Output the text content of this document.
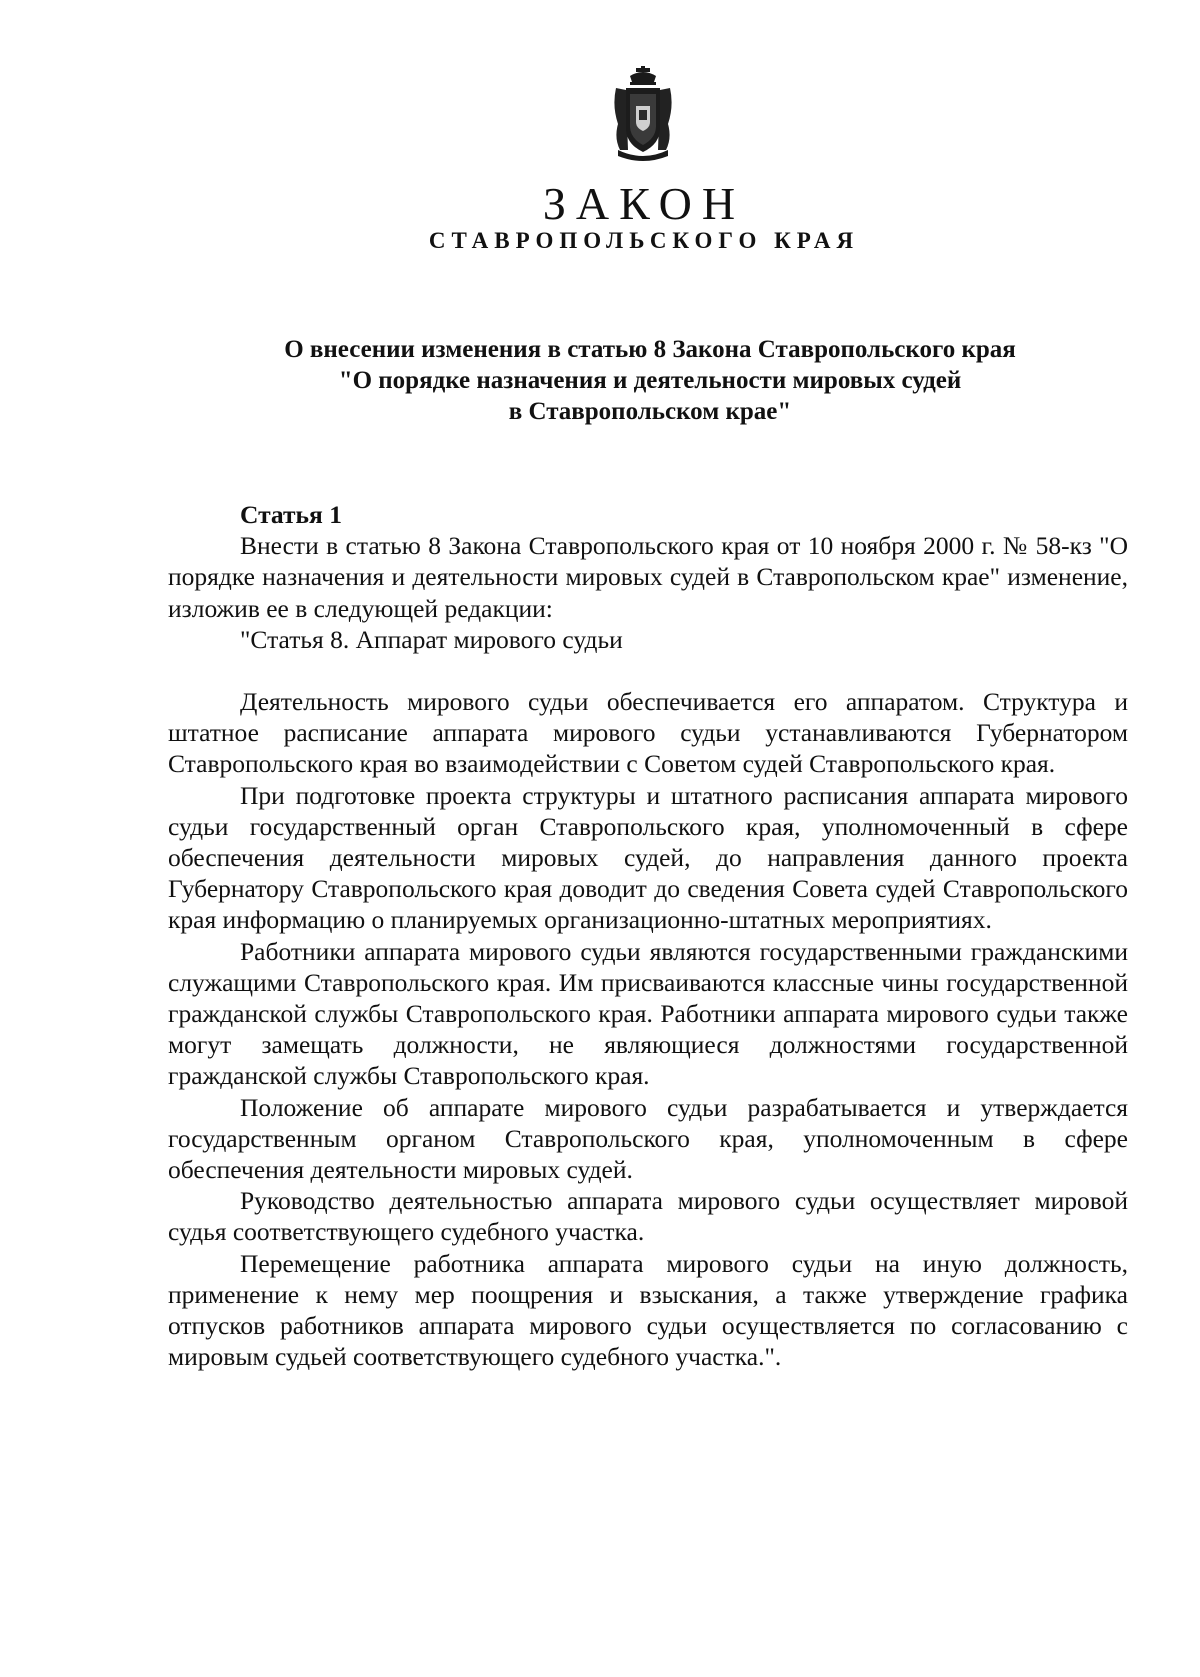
ЗАКОН
СТАВРОПОЛЬСКОГО КРАЯ
О внесении изменения в статью 8 Закона Ставропольского края
"О порядке назначения и деятельности мировых судей
в Ставропольском крае"
Статья 1

Внести в статью 8 Закона Ставропольского края от 10 ноября 2000 г. № 58-кз "О порядке назначения и деятельности мировых судей в Ставропольском крае" изменение, изложив ее в следующей редакции:

"Статья 8. Аппарат мирового судьи

Деятельность мирового судьи обеспечивается его аппаратом. Структура и штатное расписание аппарата мирового судьи устанавливаются Губернатором Ставропольского края во взаимодействии с Советом судей Ставропольского края.

При подготовке проекта структуры и штатного расписания аппарата мирового судьи государственный орган Ставропольского края, уполномоченный в сфере обеспечения деятельности мировых судей, до направления данного проекта Губернатору Ставропольского края доводит до сведения Совета судей Ставропольского края информацию о планируемых организационно-штатных мероприятиях.

Работники аппарата мирового судьи являются государственными гражданскими служащими Ставропольского края. Им присваиваются классные чины государственной гражданской службы Ставропольского края. Работники аппарата мирового судьи также могут замещать должности, не являющиеся должностями государственной гражданской службы Ставропольского края.

Положение об аппарате мирового судьи разрабатывается и утверждается государственным органом Ставропольского края, уполномоченным в сфере обеспечения деятельности мировых судей.

Руководство деятельностью аппарата мирового судьи осуществляет мировой судья соответствующего судебного участка.

Перемещение работника аппарата мирового судьи на иную должность, применение к нему мер поощрения и взыскания, а также утверждение графика отпусков работников аппарата мирового судьи осуществляется по согласованию с мировым судьей соответствующего судебного участка.".
